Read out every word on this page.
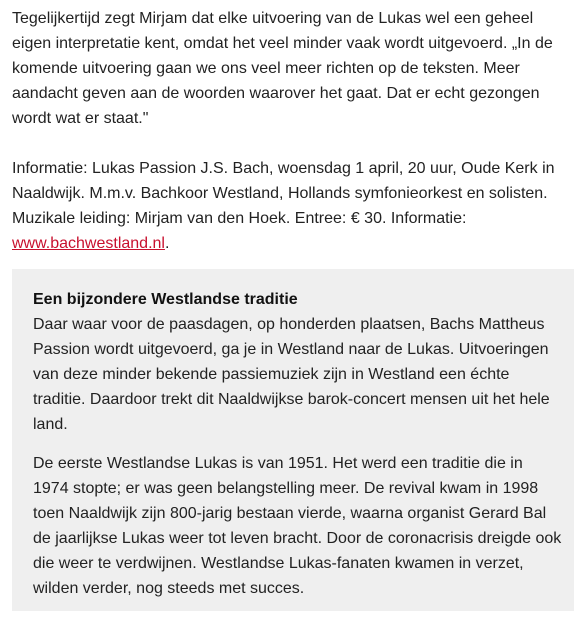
Tegelijkertijd zegt Mirjam dat elke uitvoering van de Lukas wel een geheel eigen interpretatie kent, omdat het veel minder vaak wordt uitgevoerd. „In de komende uitvoering gaan we ons veel meer richten op de teksten. Meer aandacht geven aan de woorden waarover het gaat. Dat er echt gezongen wordt wat er staat."

Informatie: Lukas Passion J.S. Bach, woensdag 1 april, 20 uur, Oude Kerk in Naaldwijk. M.m.v. Bachkoor Westland, Hollands symfonieorkest en solisten. Muzikale leiding: Mirjam van den Hoek. Entree: € 30. Informatie: www.bachwestland.nl.

Een bijzondere Westlandse traditie

Daar waar voor de paasdagen, op honderden plaatsen, Bachs Mattheus Passion wordt uitgevoerd, ga je in Westland naar de Lukas. Uitvoeringen van deze minder bekende passiemuziek zijn in Westland een échte traditie. Daardoor trekt dit Naaldwijkse barok-concert mensen uit het hele land.

De eerste Westlandse Lukas is van 1951. Het werd een traditie die in 1974 stopte; er was geen belangstelling meer. De revival kwam in 1998 toen Naaldwijk zijn 800-jarig bestaan vierde, waarna organist Gerard Bal de jaarlijkse Lukas weer tot leven bracht. Door de coronacrisis dreigde ook die weer te verdwijnen. Westlandse Lukas-fanaten kwamen in verzet, wilden verder, nog steeds met succes.
